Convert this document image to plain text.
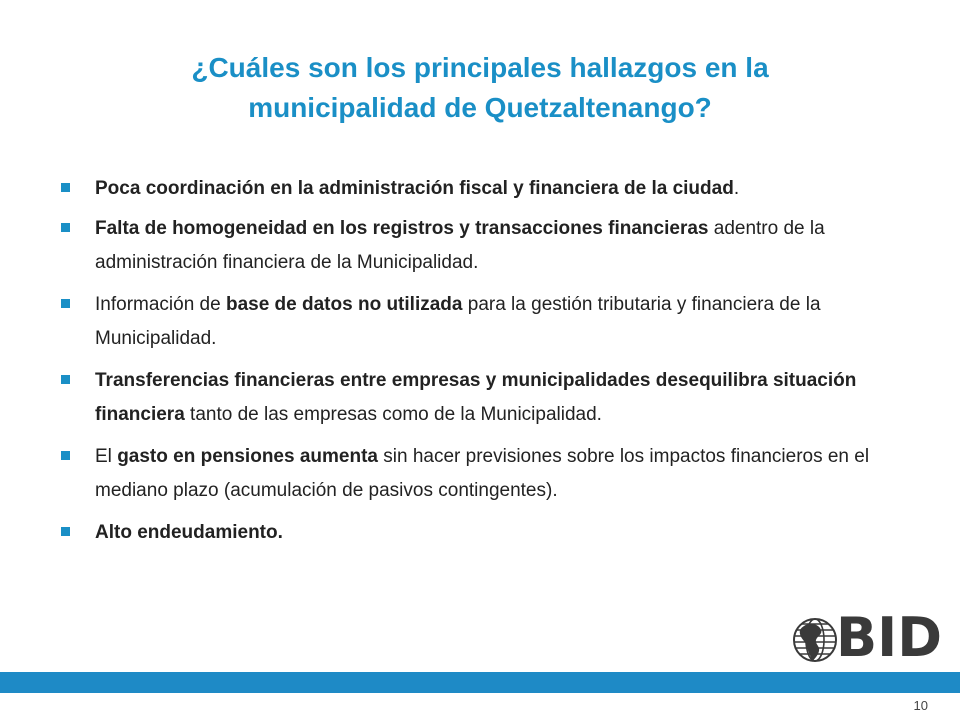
¿Cuáles son los principales hallazgos en la
municipalidad de Quetzaltenango?
Poca coordinación en la administración fiscal y financiera de la ciudad.
Falta de homogeneidad en los registros y transacciones financieras adentro de la administración financiera de la Municipalidad.
Información de base de datos no utilizada para la gestión tributaria y financiera de la Municipalidad.
Transferencias financieras entre empresas y municipalidades desequilibra situación financiera tanto de las empresas como de la Municipalidad.
El gasto en pensiones aumenta sin hacer previsiones sobre los impactos financieros en el mediano plazo (acumulación de pasivos contingentes).
Alto endeudamiento.
BID
10
